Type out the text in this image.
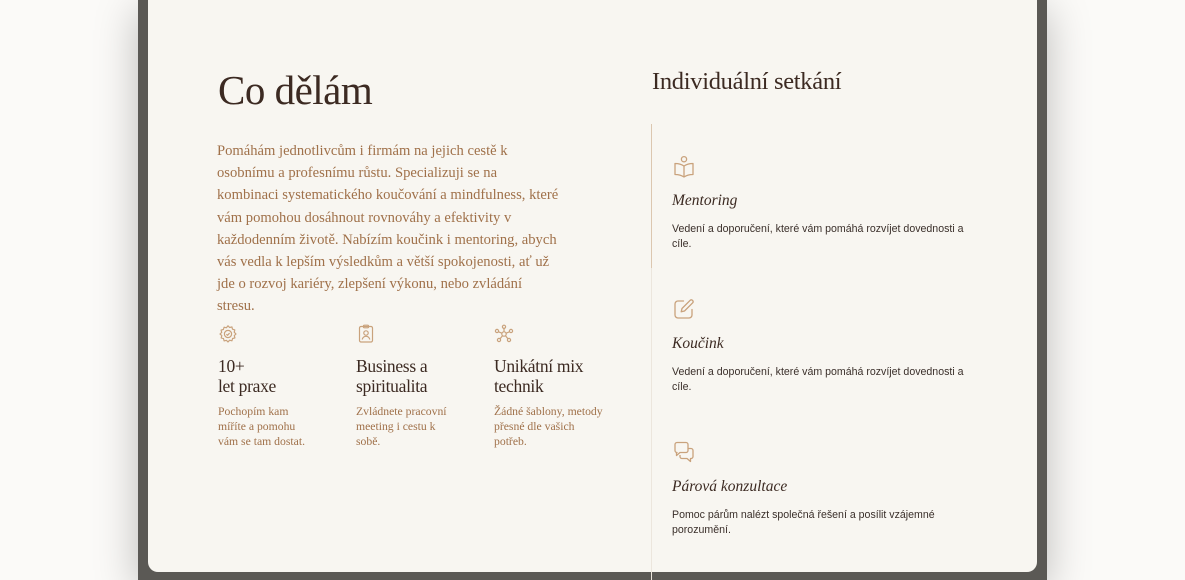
Co dělám

Pomáhám jednotlivcům i firmám na jejich cestě k osobnímu a profesnímu růstu. Specializuji se na kombinaci systematického koučování a mindfulness, které vám pomohou dosáhnout rovnováhy a efektivity v každodenním životě. Nabízím koučink i mentoring, abych vás vedla k lepším výsledkům a větší spokojenosti, ať už jde o rozvoj kariéry, zlepšení výkonu, nebo zvládání stresu.

10+
let praxe
Pochopím kam míříte a pomohu vám se tam dostat.
Business a
spiritualita
Zvládnete pracovní meeting i cestu k sobě.
Unikátní mix
technik
Žádné šablony, metody přesné dle vašich potřeb.
Individuální setkání
Mentoring
Vedení a doporučení, které vám pomáhá rozvíjet dovednosti a cíle.
Koučink
Vedení a doporučení, které vám pomáhá rozvíjet dovednosti a cíle.
Párová konzultace
Pomoc párům nalézt společná řešení a posílit vzájemné porozumění.
